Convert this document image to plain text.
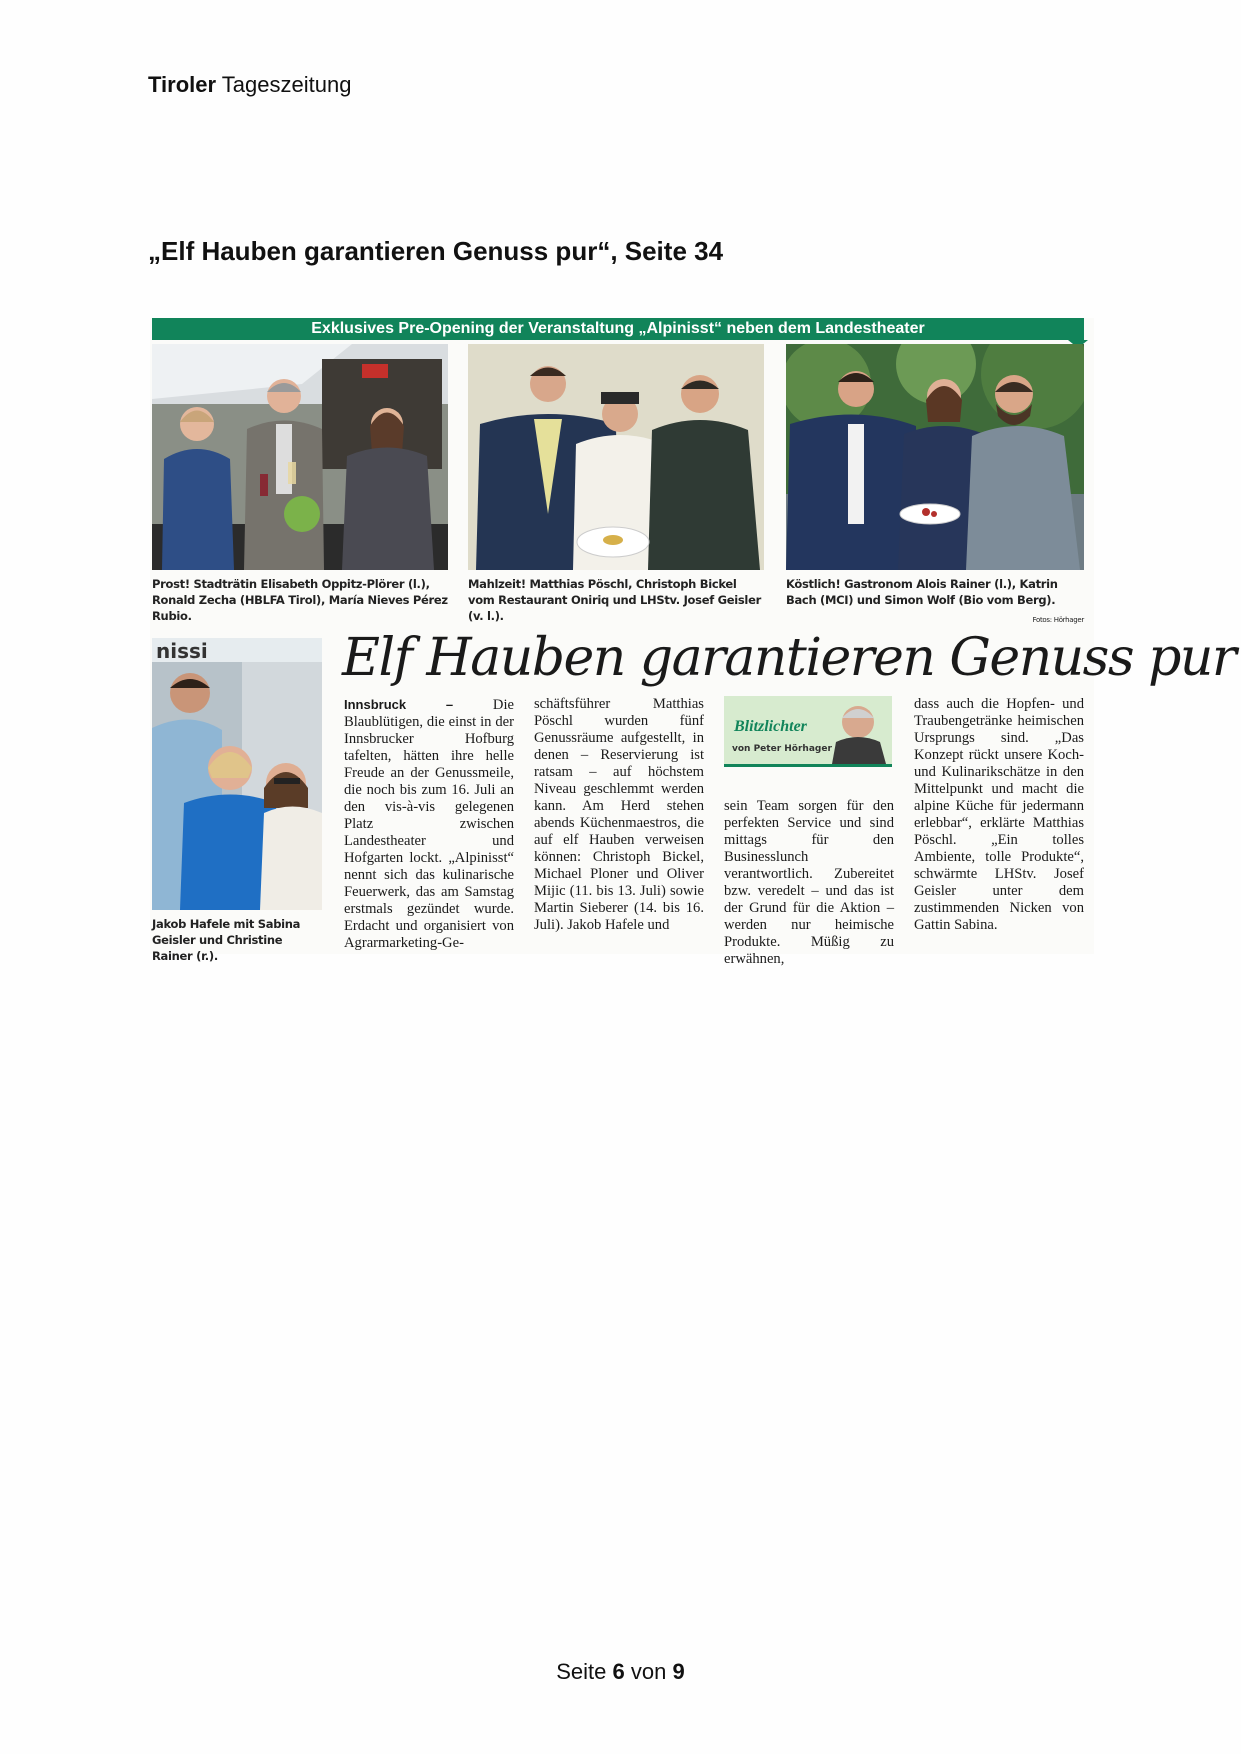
Tiroler Tageszeitung
„Elf Hauben garantieren Genuss pur“, Seite 34
Exklusives Pre-Opening der Veranstaltung „Alpinisst“ neben dem Landestheater
Prost! Stadträtin Elisabeth Oppitz-Plörer (l.), Ronald Zecha (HBLFA Tirol), María Nieves Pérez Rubio.
Mahlzeit! Matthias Pöschl, Christoph Bickel vom Restaurant Oniriq und LHStv. Josef Geisler (v. l.).
Köstlich! Gastronom Alois Rainer (l.), Katrin Bach (MCI) und Simon Wolf (Bio vom Berg).
Fotos: Hörhager
nissi
Jakob Hafele mit Sabina Geisler und Christine Rainer (r.).
Elf Hauben garantieren Genuss pur
Innsbruck –	Die Blaublütigen, die einst in der Innsbrucker Hofburg tafelten, hätten ihre helle Freude an der Genussmeile, die noch bis zum 16. Juli an den vis-à-vis gelegenen Platz zwischen Landestheater und Hofgarten lockt. „Alpinisst“ nennt sich das kulinarische Feuerwerk, das am Samstag erstmals gezündet wurde. Erdacht und organisiert von Agrarmarketing-Ge-
schäftsführer Matthias Pöschl wurden fünf Genussräume aufgestellt, in denen – Reservierung ist ratsam – auf höchstem Niveau geschlemmt werden kann. Am Herd stehen abends Küchenmaestros, die auf elf Hauben verweisen können: Christoph Bickel, Michael Ploner und Oliver Mijic (11. bis 13. Juli) sowie Martin Sieberer (14. bis 16. Juli). Jakob Hafele und
Blitzlichter
von Peter Hörhager
sein Team sorgen für den perfekten Service und sind mittags für den Businesslunch verantwortlich. Zubereitet bzw. veredelt – und das ist der Grund für die Aktion – werden nur heimische Produkte. Müßig zu erwähnen,
dass auch die Hopfen- und Traubengetränke heimischen Ursprungs sind. „Das Konzept rückt unsere Koch- und Kulinarikschätze in den Mittelpunkt und macht die alpine Küche für jedermann erlebbar“, erklärte Matthias Pöschl. „Ein tolles Ambiente, tolle Produkte“, schwärmte LHStv. Josef Geisler unter dem zustimmenden Nicken von Gattin Sabina.
Seite 6 von 9
